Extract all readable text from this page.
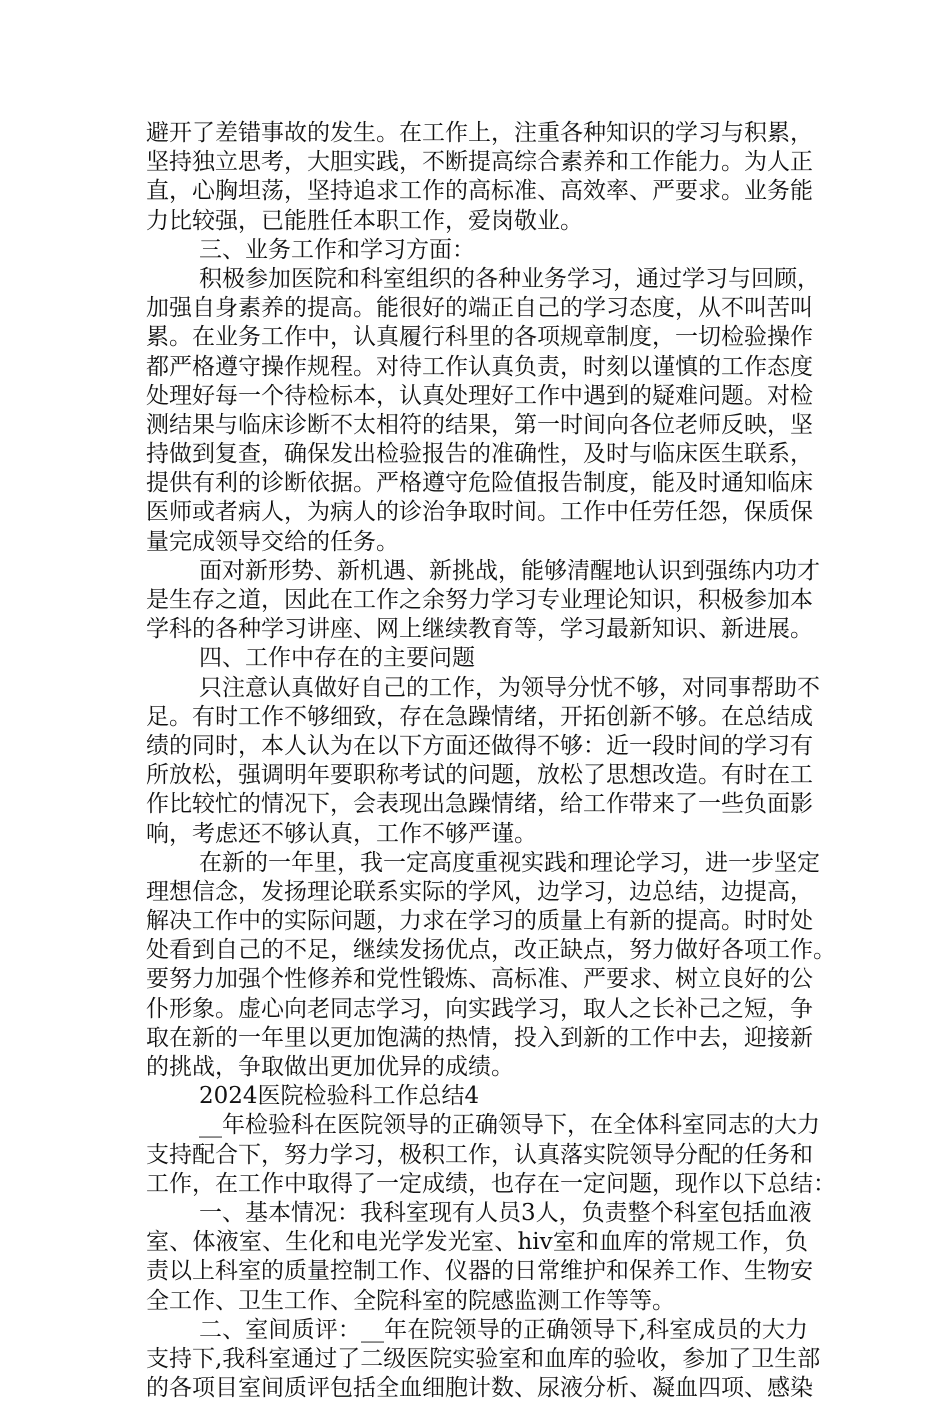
避开了差错事故的发生。在工作上，注重各种知识的学习与积累，
坚持独立思考，大胆实践，不断提高综合素养和工作能力。为人正
直，心胸坦荡，坚持追求工作的高标准、高效率、严要求。业务能
力比较强，已能胜任本职工作，爱岗敬业。
三、业务工作和学习方面：
积极参加医院和科室组织的各种业务学习，通过学习与回顾，
加强自身素养的提高。能很好的端正自己的学习态度，从不叫苦叫
累。在业务工作中，认真履行科里的各项规章制度，一切检验操作
都严格遵守操作规程。对待工作认真负责，时刻以谨慎的工作态度
处理好每一个待检标本，认真处理好工作中遇到的疑难问题。对检
测结果与临床诊断不太相符的结果，第一时间向各位老师反映，坚
持做到复查，确保发出检验报告的准确性，及时与临床医生联系，
提供有利的诊断依据。严格遵守危险值报告制度，能及时通知临床
医师或者病人，为病人的诊治争取时间。工作中任劳任怨，保质保
量完成领导交给的任务。
面对新形势、新机遇、新挑战，能够清醒地认识到强练内功才
是生存之道，因此在工作之余努力学习专业理论知识，积极参加本
学科的各种学习讲座、网上继续教育等，学习最新知识、新进展。
四、工作中存在的主要问题
只注意认真做好自己的工作，为领导分忧不够，对同事帮助不
足。有时工作不够细致，存在急躁情绪，开拓创新不够。在总结成
绩的同时，本人认为在以下方面还做得不够：近一段时间的学习有
所放松，强调明年要职称考试的问题，放松了思想改造。有时在工
作比较忙的情况下，会表现出急躁情绪，给工作带来了一些负面影
响，考虑还不够认真，工作不够严谨。
在新的一年里，我一定高度重视实践和理论学习，进一步坚定
理想信念，发扬理论联系实际的学风，边学习，边总结，边提高，
解决工作中的实际问题，力求在学习的质量上有新的提高。时时处
处看到自己的不足，继续发扬优点，改正缺点，努力做好各项工作。
要努力加强个性修养和党性锻炼、高标准、严要求、树立良好的公
仆形象。虚心向老同志学习，向实践学习，取人之长补己之短，争
取在新的一年里以更加饱满的热情，投入到新的工作中去，迎接新
的挑战，争取做出更加优异的成绩。
2024医院检验科工作总结4
__年检验科在医院领导的正确领导下，在全体科室同志的大力
支持配合下，努力学习，极积工作，认真落实院领导分配的任务和
工作，在工作中取得了一定成绩，也存在一定问题，现作以下总结：
一、基本情况：我科室现有人员3人，负责整个科室包括血液
室、体液室、生化和电光学发光室、hiv室和血库的常规工作，负
责以上科室的质量控制工作、仪器的日常维护和保养工作、生物安
全工作、卫生工作、全院科室的院感监测工作等等。
二、室间质评：__年在院领导的正确领导下,科室成员的大力
支持下,我科室通过了二级医院实验室和血库的验收，参加了卫生部
的各项目室间质评包括全血细胞计数、尿液分析、凝血四项、感染
